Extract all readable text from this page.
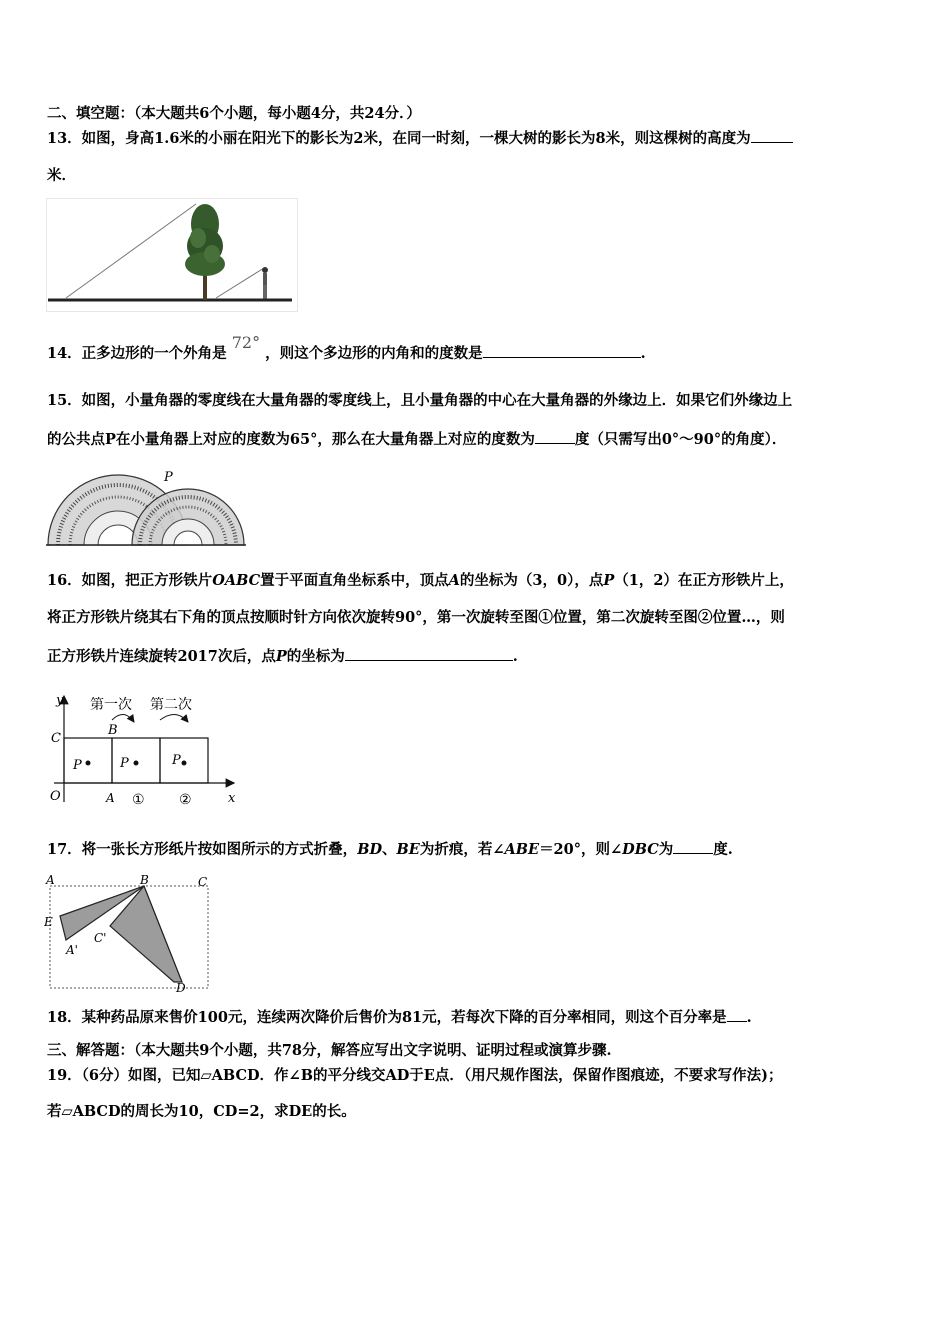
二、填空题：（本大题共6个小题，每小题4分，共24分．）
13．如图，身高1.6米的小丽在阳光下的影长为2米，在同一时刻，一棵大树的影长为8米，则这棵树的高度为
米．
14．正多边形的一个外角是 72° ，则这个多边形的内角和的度数是	.
15．如图，小量角器的零度线在大量角器的零度线上，且小量角器的中心在大量角器的外缘边上．如果它们外缘边上
的公共点P在小量角器上对应的度数为65°，那么在大量角器上对应的度数为	度（只需写出0°～90°的角度）．
P
16．如图，把正方形铁片OABC置于平面直角坐标系中，顶点A的坐标为（3，0），点P（1，2）在正方形铁片上，
将正方形铁片绕其右下角的顶点按顺时针方向依次旋转90°，第一次旋转至图①位置，第二次旋转至图②位置…，则
正方形铁片连续旋转2017次后，点P的坐标为	.
第一次 第二次
y
x
C
B
O	A
P	P	P
① ②
17．将一张长方形纸片按如图所示的方式折叠，BD、BE为折痕，若∠ABE＝20°，则∠DBC为	度.
A	B	C
E
C'
A'
D
18．某种药品原来售价100元，连续两次降价后售价为81元，若每次下降的百分率相同，则这个百分率是 .
三、解答题：（本大题共9个小题，共78分，解答应写出文字说明、证明过程或演算步骤.
19．（6分）如图，已知▱ABCD．作∠B的平分线交AD于E点．（用尺规作图法，保留作图痕迹，不要求写作法)；
若▱ABCD的周长为10，CD=2，求DE的长。
